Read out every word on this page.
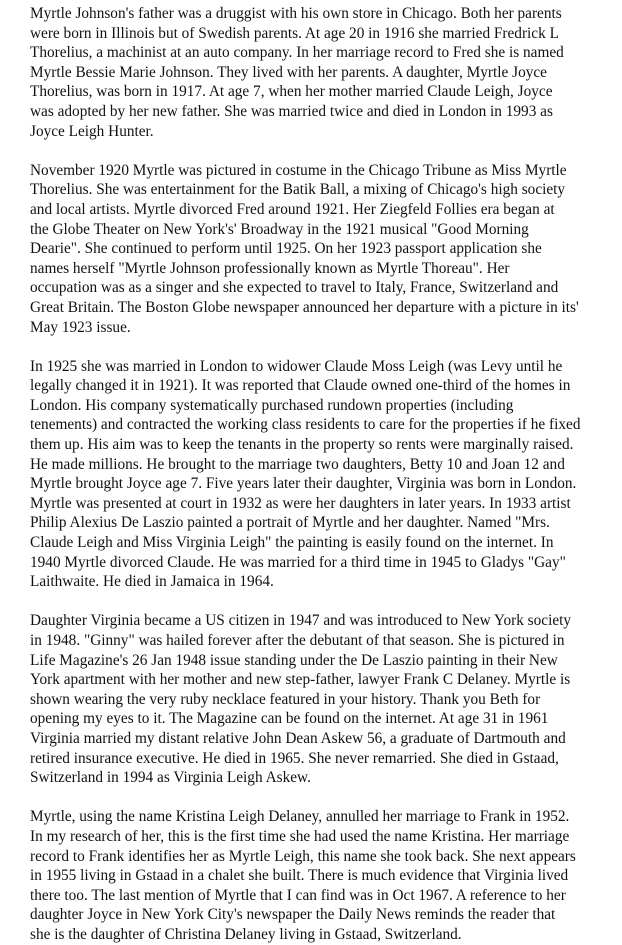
Myrtle Johnson's father was a druggist with his own store in Chicago. Both her parents
were born in Illinois but of Swedish parents. At age 20 in 1916 she married Fredrick L
Thorelius, a machinist at an auto company. In her marriage record to Fred she is named
Myrtle Bessie Marie Johnson. They lived with her parents. A daughter, Myrtle Joyce
Thorelius, was born in 1917. At age 7, when her mother married Claude Leigh, Joyce
was adopted by her new father. She was married twice and died in London in 1993 as
Joyce Leigh Hunter.
November 1920 Myrtle was pictured in costume in the Chicago Tribune as Miss Myrtle
Thorelius. She was entertainment for the Batik Ball, a mixing of Chicago's high society
and local artists. Myrtle divorced Fred around 1921. Her Ziegfeld Follies era began at
the Globe Theater on New York's' Broadway in the 1921 musical "Good Morning
Dearie". She continued to perform until 1925. On her 1923 passport application she
names herself "Myrtle Johnson professionally known as Myrtle Thoreau". Her
occupation was as a singer and she expected to travel to Italy, France, Switzerland and
Great Britain. The Boston Globe newspaper announced her departure with a picture in its'
May 1923 issue.
In 1925 she was married in London to widower Claude Moss Leigh (was Levy until he
legally changed it in 1921). It was reported that Claude owned one-third of the homes in
London. His company systematically purchased rundown properties (including
tenements) and contracted the working class residents to care for the properties if he fixed
them up. His aim was to keep the tenants in the property so rents were marginally raised.
He made millions. He brought to the marriage two daughters, Betty 10 and Joan 12 and
Myrtle brought Joyce age 7. Five years later their daughter, Virginia was born in London.
Myrtle was presented at court in 1932 as were her daughters in later years. In 1933 artist
Philip Alexius De Laszio painted a portrait of Myrtle and her daughter. Named "Mrs.
Claude Leigh and Miss Virginia Leigh" the painting is easily found on the internet. In
1940 Myrtle divorced Claude. He was married for a third time in 1945 to Gladys "Gay"
Laithwaite. He died in Jamaica in 1964.
Daughter Virginia became a US citizen in 1947 and was introduced to New York society
in 1948. "Ginny" was hailed forever after the debutant of that season. She is pictured in
Life Magazine's 26 Jan 1948 issue standing under the De Laszio painting in their New
York apartment with her mother and new step-father, lawyer Frank C Delaney. Myrtle is
shown wearing the very ruby necklace featured in your history. Thank you Beth for
opening my eyes to it. The Magazine can be found on the internet. At age 31 in 1961
Virginia married my distant relative John Dean Askew 56, a graduate of Dartmouth and
retired insurance executive. He died in 1965. She never remarried. She died in Gstaad,
Switzerland in 1994 as Virginia Leigh Askew.
Myrtle, using the name Kristina Leigh Delaney, annulled her marriage to Frank in 1952.
In my research of her, this is the first time she had used the name Kristina. Her marriage
record to Frank identifies her as Myrtle Leigh, this name she took back. She next appears
in 1955 living in Gstaad in a chalet she built. There is much evidence that Virginia lived
there too. The last mention of Myrtle that I can find was in Oct 1967. A reference to her
daughter Joyce in New York City's newspaper the Daily News reminds the reader that
she is the daughter of Christina Delaney living in Gstaad, Switzerland.
